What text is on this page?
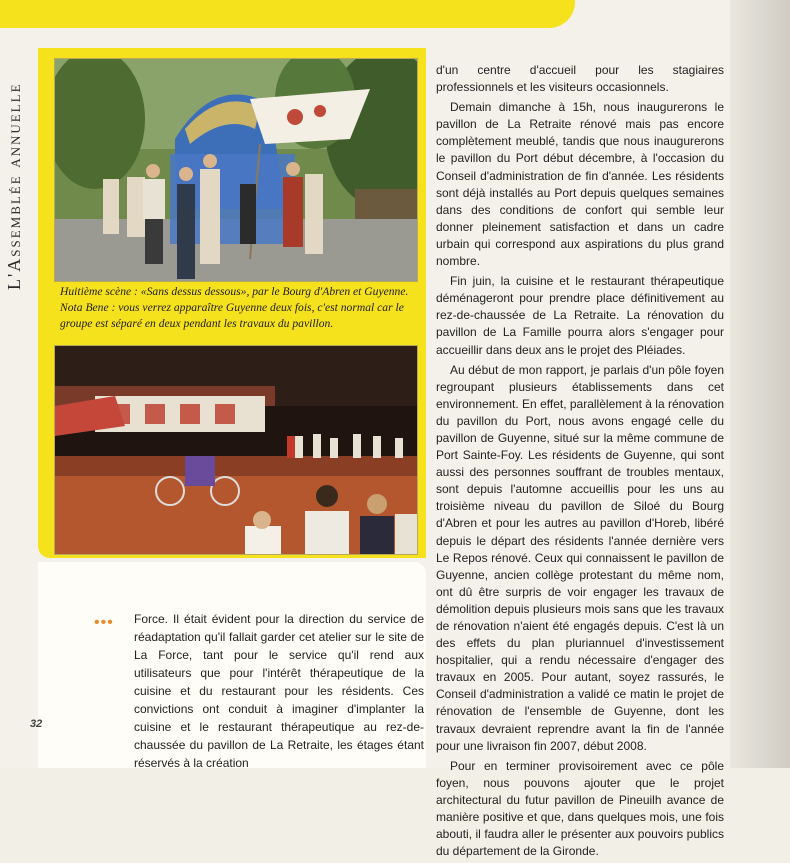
L'Assemblée annuelle

Huitième scène : «Sans dessus dessous», par le Bourg d'Abren et Guyenne.

Nota Bene : vous verrez apparaître Guyenne deux fois, c'est normal car le groupe est séparé en deux pendant les travaux du pavillon.

••• Force. Il était évident pour la direction du service de réadaptation qu'il fallait garder cet atelier sur le site de La Force, tant pour le service qu'il rend aux utilisateurs que pour l'intérêt thérapeutique de la cuisine et du restaurant pour les résidents. Ces convictions ont conduit à imaginer d'implanter la cuisine et le restaurant thérapeutique au rez-de-chaussée du pavillon de La Retraite, les étages étant réservés à la création

32

d'un centre d'accueil pour les stagiaires professionnels et les visiteurs occasionnels.

Demain dimanche à 15h, nous inaugurerons le pavillon de La Retraite rénové mais pas encore complètement meublé, tandis que nous inaugurerons le pavillon du Port début décembre, à l'occasion du Conseil d'administration de fin d'année. Les résidents sont déjà installés au Port depuis quelques semaines dans des conditions de confort qui semble leur donner pleinement satisfaction et dans un cadre urbain qui correspond aux aspirations du plus grand nombre.

Fin juin, la cuisine et le restaurant thérapeutique déménageront pour prendre place définitivement au rez-de-chaussée de La Retraite. La rénovation du pavillon de La Famille pourra alors s'engager pour accueillir dans deux ans le projet des Pléiades.

Au début de mon rapport, je parlais d'un pôle foyen regroupant plusieurs établissements dans cet environnement. En effet, parallèlement à la rénovation du pavillon du Port, nous avons engagé celle du pavillon de Guyenne, situé sur la même commune de Port Sainte-Foy. Les résidents de Guyenne, qui sont aussi des personnes souffrant de troubles mentaux, sont depuis l'automne accueillis pour les uns au troisième niveau du pavillon de Siloé du Bourg d'Abren et pour les autres au pavillon d'Horeb, libéré depuis le départ des résidents l'année dernière vers Le Repos rénové. Ceux qui connaissent le pavillon de Guyenne, ancien collège protestant du même nom, ont dû être surpris de voir engager les travaux de démolition depuis plusieurs mois sans que les travaux de rénovation n'aient été engagés depuis. C'est là un des effets du plan pluriannuel d'investissement hospitalier, qui a rendu nécessaire d'engager des travaux en 2005. Pour autant, soyez rassurés, le Conseil d'administration a validé ce matin le projet de rénovation de l'ensemble de Guyenne, dont les travaux devraient reprendre avant la fin de l'année pour une livraison fin 2007, début 2008.

Pour en terminer provisoirement avec ce pôle foyen, nous pouvons ajouter que le projet architectural du futur pavillon de Pineuilh avance de manière positive et que, dans quelques mois, une fois abouti, il faudra aller le présenter aux pouvoirs publics du département de la Gironde.
